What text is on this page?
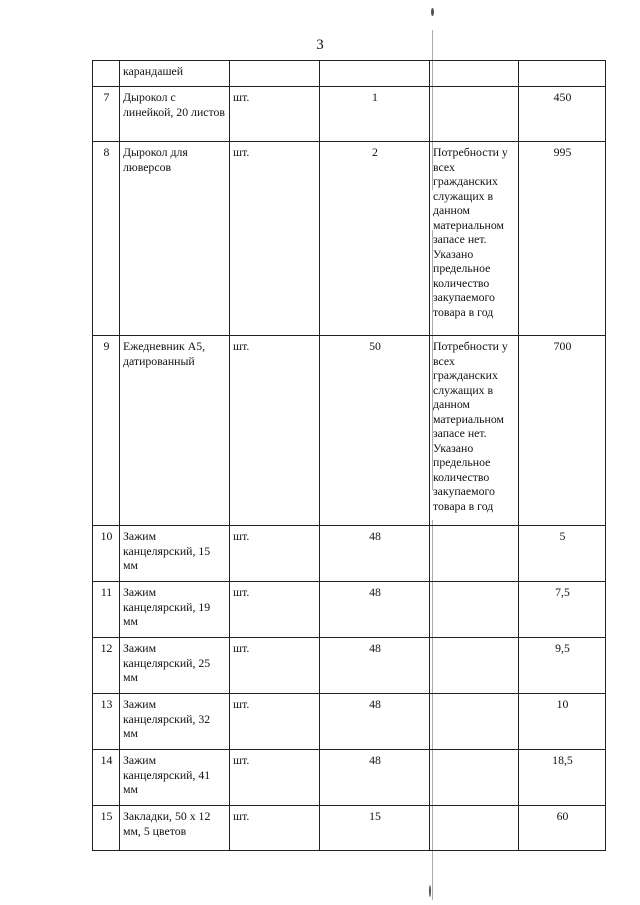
3
	карандашей				
7	Дырокол с линейкой, 20 листов	шт.	1		450
8	Дырокол для люверсов	шт.	2	Потребности у всех гражданских служащих в данном материальном запасе нет. Указано предельное количество закупаемого товара в год	995
9	Ежедневник А5, датированный	шт.	50	Потребности у всех гражданских служащих в данном материальном запасе нет. Указано предельное количество закупаемого товара в год	700
10	Зажим канцелярский, 15 мм	шт.	48		5
11	Зажим канцелярский, 19 мм	шт.	48		7,5
12	Зажим канцелярский, 25 мм	шт.	48		9,5
13	Зажим канцелярский, 32 мм	шт.	48		10
14	Зажим канцелярский, 41 мм	шт.	48		18,5
15	Закладки, 50 х 12 мм, 5 цветов	шт.	15		60
